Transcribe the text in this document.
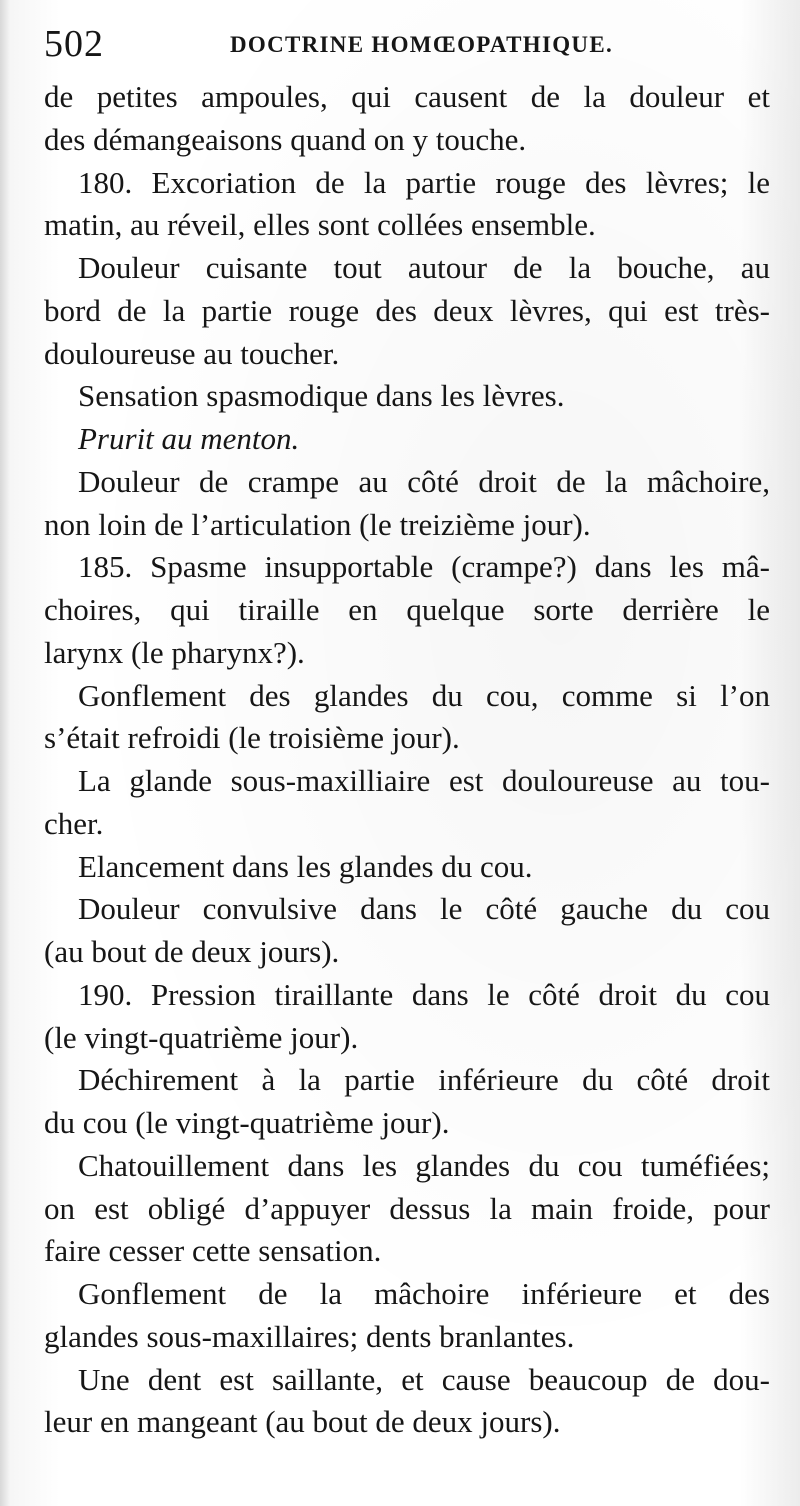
502	DOCTRINE HOMŒOPATHIQUE.
de petites ampoules, qui causent de la douleur et
des démangeaisons quand on y touche.
180. Excoriation de la partie rouge des lèvres; le
matin, au réveil, elles sont collées ensemble.
Douleur cuisante tout autour de la bouche, au
bord de la partie rouge des deux lèvres, qui est très-
douloureuse au toucher.
Sensation spasmodique dans les lèvres.
Prurit au menton.
Douleur de crampe au côté droit de la mâchoire,
non loin de l’articulation (le treizième jour).
185. Spasme insupportable (crampe?) dans les mâ-
choires, qui tiraille en quelque sorte derrière le
larynx (le pharynx?).
Gonflement des glandes du cou, comme si l’on
s’était refroidi (le troisième jour).
La glande sous-maxilliaire est douloureuse au tou-
cher.
Elancement dans les glandes du cou.
Douleur convulsive dans le côté gauche du cou
(au bout de deux jours).
190. Pression tiraillante dans le côté droit du cou
(le vingt-quatrième jour).
Déchirement à la partie inférieure du côté droit
du cou (le vingt-quatrième jour).
Chatouillement dans les glandes du cou tuméfiées;
on est obligé d’appuyer dessus la main froide, pour
faire cesser cette sensation.
Gonflement de la mâchoire inférieure et des
glandes sous-maxillaires; dents branlantes.
Une dent est saillante, et cause beaucoup de dou-
leur en mangeant (au bout de deux jours).
